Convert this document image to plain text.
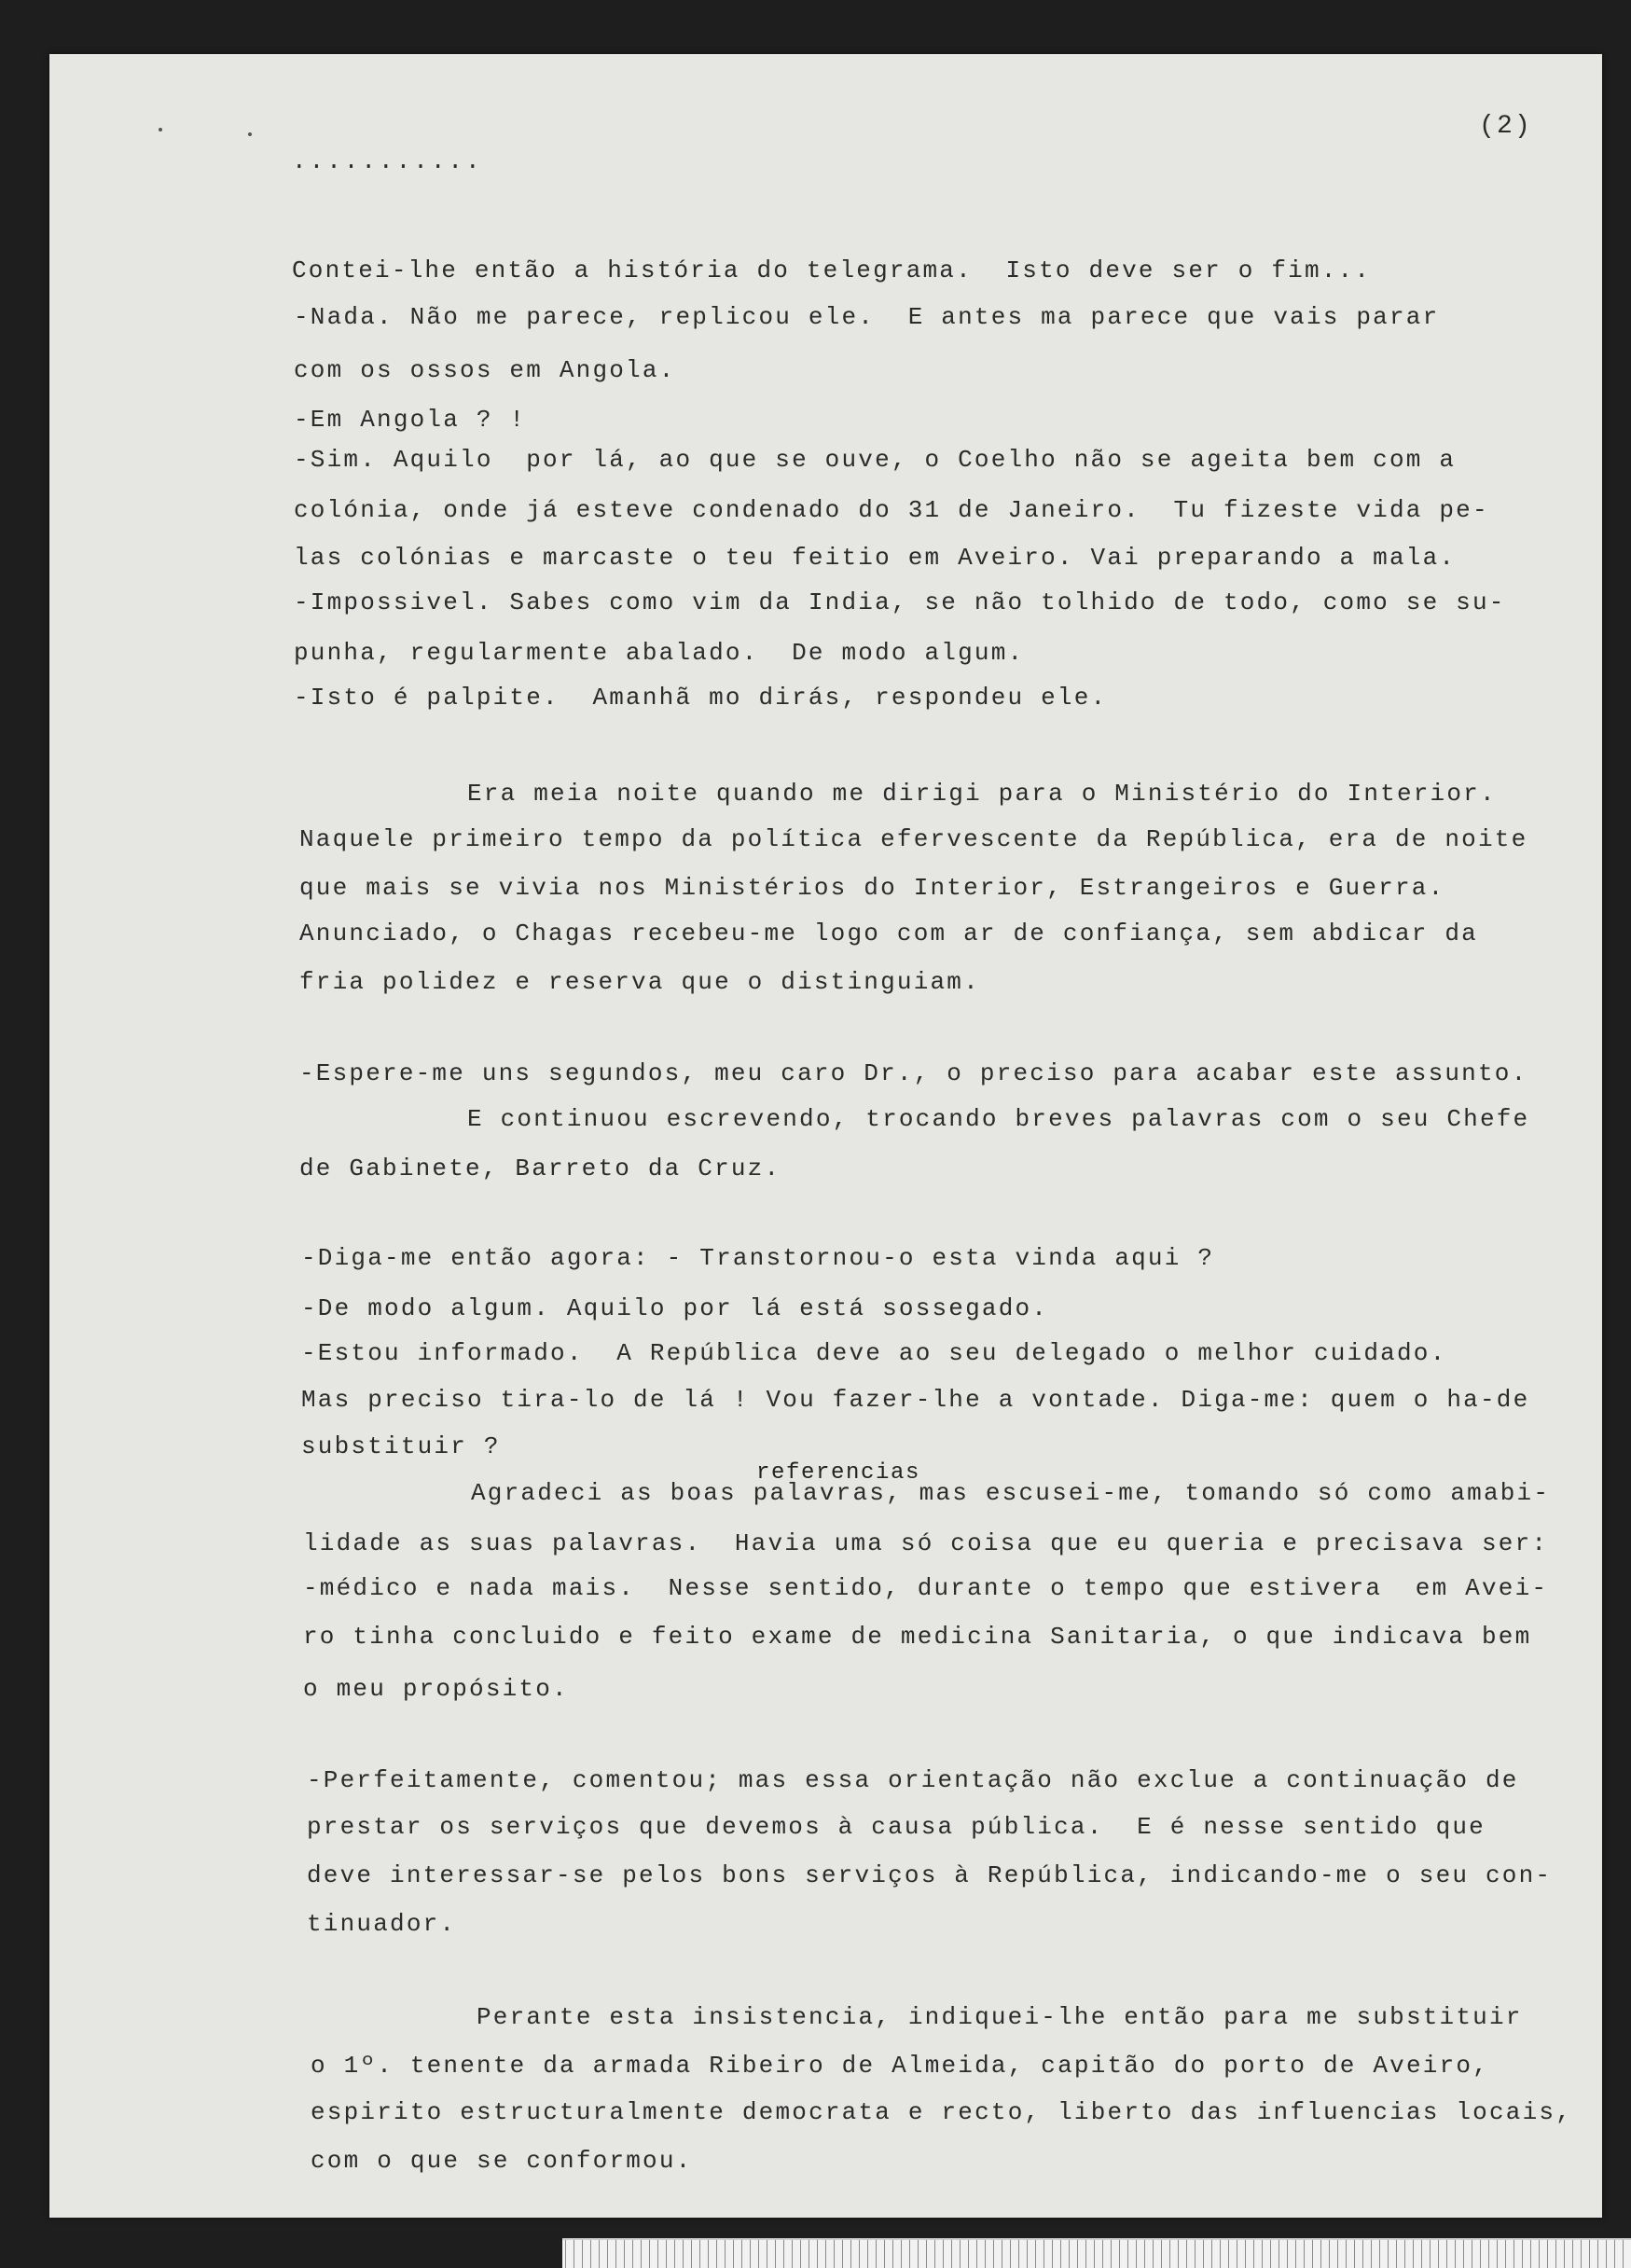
(2)
...........
Contei-lhe então a história do telegrama.  Isto deve ser o fim...
-Nada. Não me parece, replicou ele.  E antes ma parece que vais parar
com os ossos em Angola.
-Em Angola ? !
-Sim. Aquilo  por lá, ao que se ouve, o Coelho não se ageita bem com a
colónia, onde já esteve condenado do 31 de Janeiro.  Tu fizeste vida pe-
las colónias e marcaste o teu feitio em Aveiro. Vai preparando a mala.
-Impossivel. Sabes como vim da India, se não tolhido de todo, como se su-
punha, regularmente abalado.  De modo algum.
-Isto é palpite.  Amanhã mo dirás, respondeu ele.
Era meia noite quando me dirigi para o Ministério do Interior.
Naquele primeiro tempo da política efervescente da República, era de noite
que mais se vivia nos Ministérios do Interior, Estrangeiros e Guerra.
Anunciado, o Chagas recebeu-me logo com ar de confiança, sem abdicar da
fria polidez e reserva que o distinguiam.
-Espere-me uns segundos, meu caro Dr., o preciso para acabar este assunto.
E continuou escrevendo, trocando breves palavras com o seu Chefe
de Gabinete, Barreto da Cruz.
-Diga-me então agora: - Transtornou-o esta vinda aqui ?
-De modo algum. Aquilo por lá está sossegado.
-Estou informado.  A República deve ao seu delegado o melhor cuidado.
Mas preciso tira-lo de lá ! Vou fazer-lhe a vontade. Diga-me: quem o ha-de
substituir ?
referencias
Agradeci as boas palavras, mas escusei-me, tomando só como amabi-
lidade as suas palavras.  Havia uma só coisa que eu queria e precisava ser:
-médico e nada mais.  Nesse sentido, durante o tempo que estivera  em Avei-
ro tinha concluido e feito exame de medicina Sanitaria, o que indicava bem
o meu propósito.
-Perfeitamente, comentou; mas essa orientação não exclue a continuação de
prestar os serviços que devemos à causa pública.  E é nesse sentido que
deve interessar-se pelos bons serviços à República, indicando-me o seu con-
tinuador.
Perante esta insistencia, indiquei-lhe então para me substituir
o 1º. tenente da armada Ribeiro de Almeida, capitão do porto de Aveiro,
espirito estructuralmente democrata e recto, liberto das influencias locais,
com o que se conformou.
